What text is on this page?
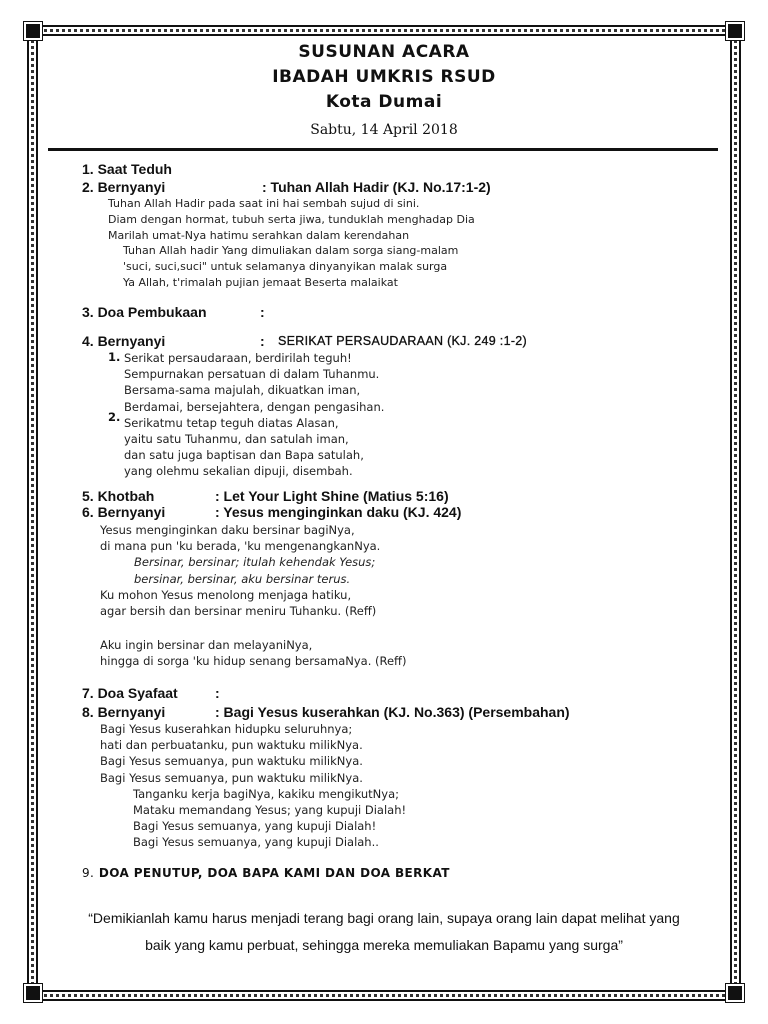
SUSUNAN ACARA
IBADAH UMKRIS RSUD
Kota Dumai
Sabtu, 14 April 2018
1. Saat Teduh
2. Bernyanyi	: Tuhan Allah Hadir (KJ. No.17:1-2)
Tuhan Allah Hadir pada saat ini hai sembah sujud di sini.
Diam dengan hormat, tubuh serta jiwa, tunduklah menghadap Dia
Marilah umat-Nya hatimu serahkan dalam kerendahan
Tuhan Allah hadir Yang dimuliakan dalam sorga siang-malam
'suci, suci,suci" untuk selamanya dinyanyikan malak surga
Ya Allah, t'rimalah pujian jemaat Beserta malaikat
3. Doa Pembukaan	:
4. Bernyanyi	: SERIKAT PERSAUDARAAN (KJ. 249 :1-2)
Serikat persaudaraan, berdirilah teguh!
Sempurnakan persatuan di dalam Tuhanmu.
Bersama-sama majulah, dikuatkan iman,
Berdamai, bersejahtera, dengan pengasihan.
Serikatmu tetap teguh diatas Alasan,
yaitu satu Tuhanmu, dan satulah iman,
dan satu juga baptisan dan Bapa satulah,
yang olehmu sekalian dipuji, disembah.
1.
2.
5. Khotbah	: Let Your Light Shine (Matius 5:16)
6. Bernyanyi	: Yesus menginginkan daku (KJ. 424)
Yesus menginginkan daku bersinar bagiNya,
di mana pun 'ku berada, 'ku mengenangkanNya.
Bersinar, bersinar; itulah kehendak Yesus;
bersinar, bersinar, aku bersinar terus.
Ku mohon Yesus menolong menjaga hatiku,
agar bersih dan bersinar meniru Tuhanku. (Reff)
Aku ingin bersinar dan melayaniNya,
hingga di sorga 'ku hidup senang bersamaNya. (Reff)
7. Doa Syafaat	:
8. Bernyanyi	: Bagi Yesus kuserahkan (KJ. No.363) (Persembahan)
Bagi Yesus kuserahkan hidupku seluruhnya;
hati dan perbuatanku, pun waktuku milikNya.
Bagi Yesus semuanya, pun waktuku milikNya.
Bagi Yesus semuanya, pun waktuku milikNya.
Tanganku kerja bagiNya, kakiku mengikutNya;
Mataku memandang Yesus; yang kupuji Dialah!
Bagi Yesus semuanya, yang kupuji Dialah!
Bagi Yesus semuanya, yang kupuji Dialah..
9. DOA PENUTUP, DOA BAPA KAMI DAN DOA BERKAT
“Demikianlah kamu harus menjadi terang bagi orang lain, supaya orang lain dapat melihat yang
baik yang kamu perbuat, sehingga mereka memuliakan Bapamu yang surga”
